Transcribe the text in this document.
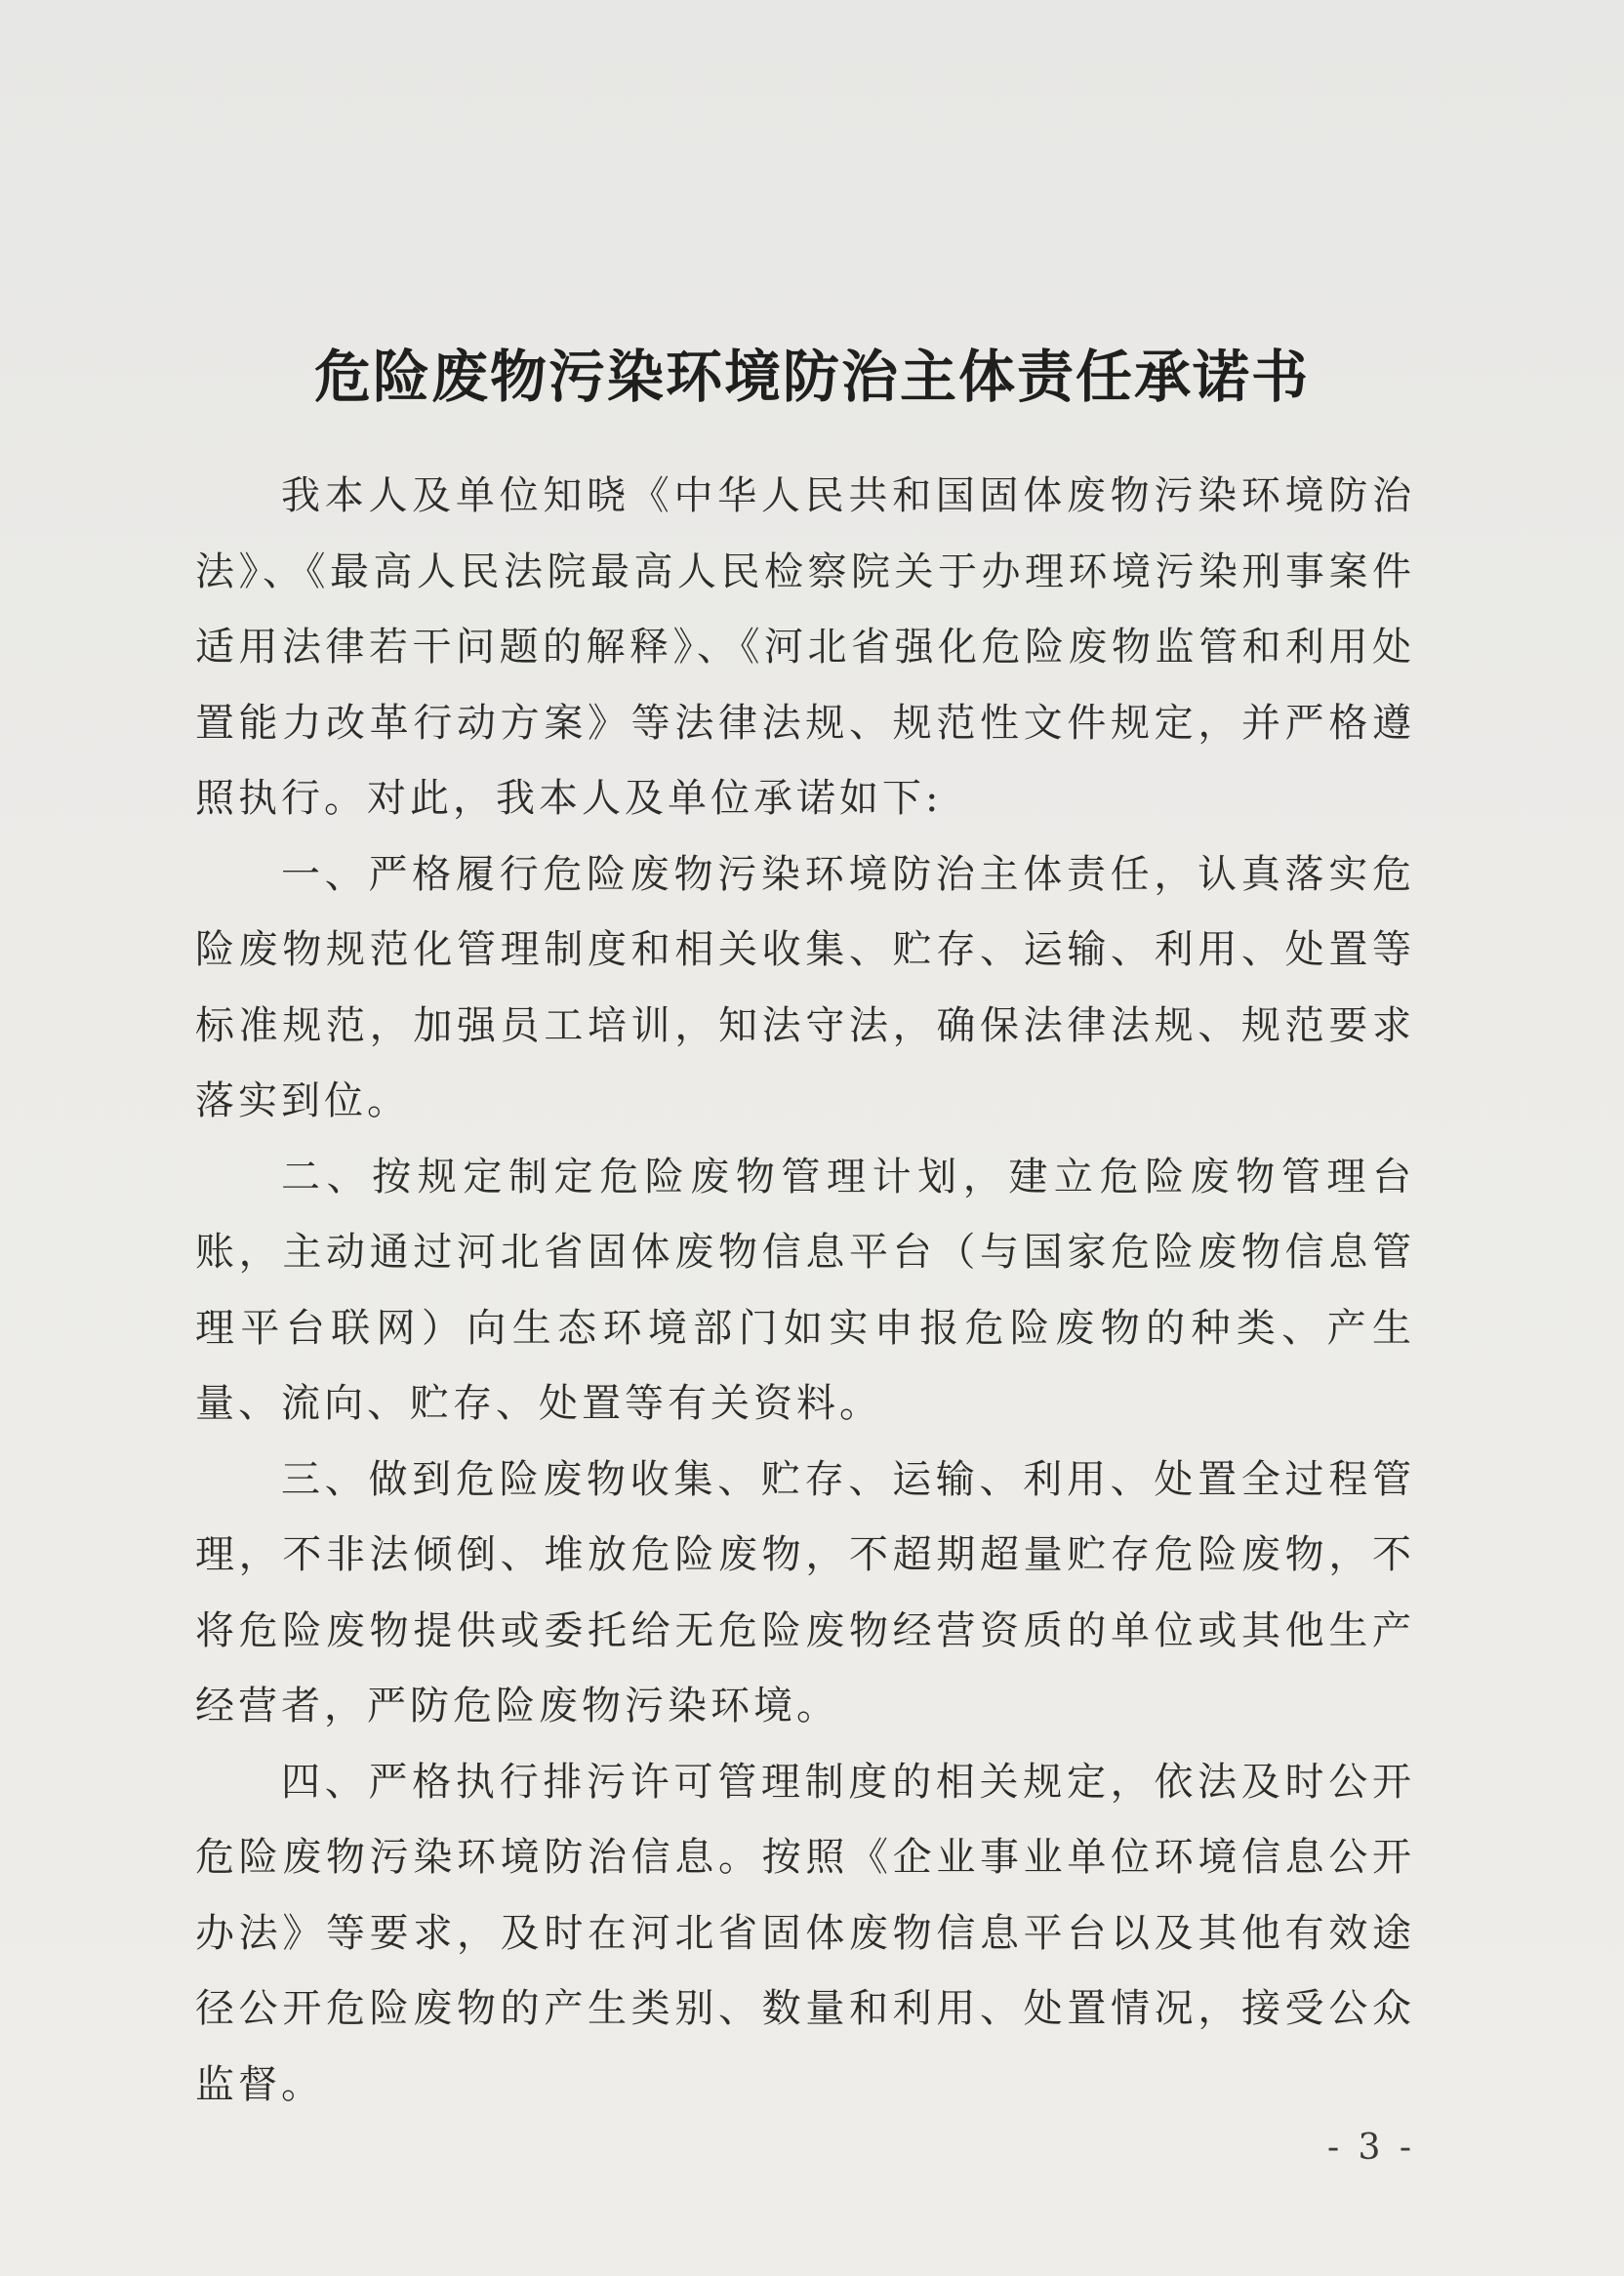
危险废物污染环境防治主体责任承诺书

我本人及单位知晓《中华人民共和国固体废物污染环境防治法》、《最高人民法院最高人民检察院关于办理环境污染刑事案件适用法律若干问题的解释》、《河北省强化危险废物监管和利用处置能力改革行动方案》等法律法规、规范性文件规定，并严格遵照执行。对此，我本人及单位承诺如下:

一、严格履行危险废物污染环境防治主体责任，认真落实危险废物规范化管理制度和相关收集、贮存、运输、利用、处置等标准规范，加强员工培训，知法守法，确保法律法规、规范要求落实到位。

二、按规定制定危险废物管理计划，建立危险废物管理台账，主动通过河北省固体废物信息平台（与国家危险废物信息管理平台联网）向生态环境部门如实申报危险废物的种类、产生量、流向、贮存、处置等有关资料。

三、做到危险废物收集、贮存、运输、利用、处置全过程管理，不非法倾倒、堆放危险废物，不超期超量贮存危险废物，不将危险废物提供或委托给无危险废物经营资质的单位或其他生产经营者，严防危险废物污染环境。

四、严格执行排污许可管理制度的相关规定，依法及时公开危险废物污染环境防治信息。按照《企业事业单位环境信息公开办法》等要求，及时在河北省固体废物信息平台以及其他有效途径公开危险废物的产生类别、数量和利用、处置情况，接受公众监督。

- 3 -
